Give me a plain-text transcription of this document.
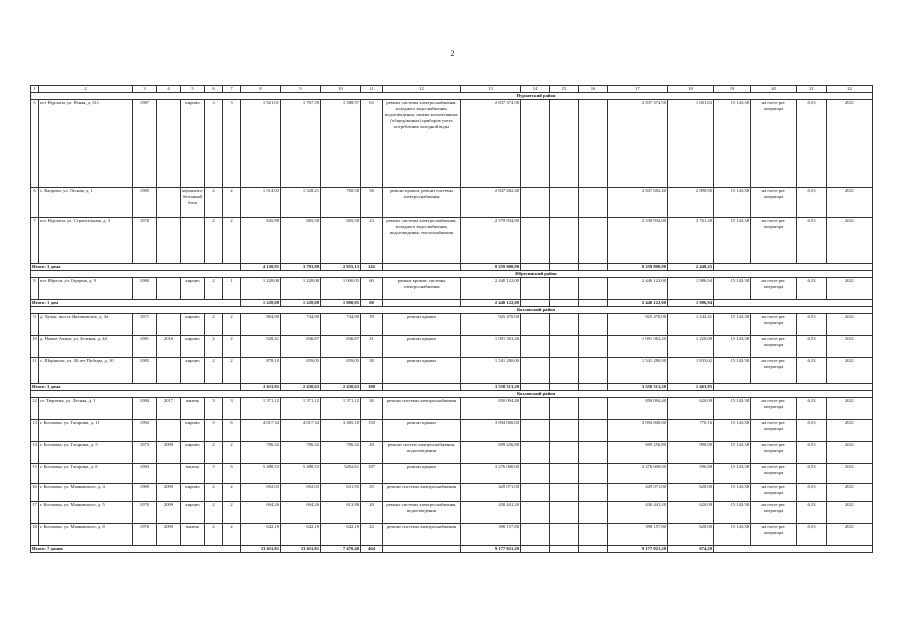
2
1	2	3	4	5	6	7	8	9	10	11	12	13	14	15	16	17	18	19	20	21	22
Нурлатский район																					
5	пгт Нурлаты, ул. Ясная, д. 311	1987		кирпич	3	3	1 921,01	1 767,39	1 588,97	63	ремонт системы электроснабжения, холодного водоснабжения, водоотведения, замена коллективных (общедомовых) приборов учета потребления холодной воды	2 837 374,50				2 837 374,50	1 601,63	15 143,38	на счете рег. оператора	6,53	2021
6	с. Капрово, ул. Лесная, д. 1	1985		керамзито-бетонный блок	2	2	1 514,02	1 328,21	760,58	56	ремонт кровли, ремонт системы электроснабжения	2 847 682,40				2 847 682,40	2 890,90	15 143,38	на счете рег. оператора	6,53	2021
7	пгт Нурлаты, ул. Строительная, д. 3	1970			2	2	645,88	685,58	605,58	23	ремонт системы электроснабжения, холодного водоснабжения, водоотведения, теплоснабжения	2 579 934,90				2 539 934,00	3 761,49	15 143,38	на счете рег. оператора	6,53	2021
Итого: 3 дома							4 120,91	3 781,88	2 955,13	142		8 259 000,90				8 259 000,90	2 448,25				
Ибресинский район																					
8	пгт Ибреси, ул. Герцена, д. 9	1980		кирпич	2	1	1 228,08	1 228,08	1 000,05	60	ремонт кровли, системы электроснабжения	2 440 122,00				2 440 122,00	1 986,94	15 143,38	на счете рег. оператора	6,53	2021
Итого: 1 дом							1 228,08	1 228,08	1 000,05	60		2 440 122,00				2 440 122,00	1 986,94				
Козловский район																					
9	д. Хучак, шоссе Янтиковское, д. 3а	1971		кирпич	2	2	804,90	744,90	744,90	39	ремонт крыши	925 470,00				925 470,00	1 242,41	15 143,38	на счете рег. оператора	6,53	2021
10	д. Новые Ачаки, ул. Зеленая, д. 44	1981	2016	кирпич	2	2	928,41	846,87	846,87	31	ремонт крыши	1 091 563,20				1 091 563,20	1 220,00	15 143,38	на счете рег. оператора	6,53	2021
11	с. Шоршелы, ул. 40 лет Победы, д. 10	1985		кирпич	2	2	878,10	839,05	839,05	38	ремонт крыши	1 541 280,00				1 541 280,00	1 833,62	15 143,38	на счете рег. оператора	6,53	2021
Итого: 3 дома							2 611,05	2 430,63	2 430,63	108		3 558 313,20				3 558 313,20	1 463,95				
Козловский район																					
12	ст. Тюрлема, ул. Лесная, д. 1	1984	2017	панель	3	3	1 371,12	1 371,12	1 371,12	30	ремонт системы электроснабжения	850 094,40				850 094,40	620,00	15 143,38	на счете рег. оператора	6,53	2021
13	г. Козловка, ул. Гагарина, д. 11	1992		кирпич	5	6	4 017,34	4 017,34	3 485,18	150	ремонт крыши	3 094 000,00				3 094 000,00	770,16	15 143,38	на счете рег. оператора	6,53	2021
14	г. Козловка, ул. Гагарина, д. 5	1973	2009	кирпич	2	2	706,32	706,32	706,32	20	ремонт систем электроснабжения, водоотведения	699 256,80				699 256,80	990,00	15 143,38	на счете рег. оператора	6,53	2021
15	г. Козловка, ул. Гагарина, д. 8	1983		панель	5	6	5 488,53	5 488,53	5282,61	187	ремонт крыши	3 276 000,00				3 276 000,00	596,88	15 143,38	на счете рег. оператора	6,53	2021
16	г. Козловка, ул. Маяковского, д. 4	1969	2009	кирпич	2	2	692,05	692,05	631,95	35	ремонт системы электроснабжения	429 071,00				429 071,00	620,00	15 143,38	на счете рег. оператора	6,53	2021
17	г. Козловка, ул. Маяковского, д. 5	1970	2009	кирпич	2	2	694,26	694,26	613,98	20	ремонт системы электроснабжения, водоотведения	430 441,20				430 441,20	620,00	15 143,38	на счете рег. оператора	6,53	2021
18	г. Козловка, ул. Маяковского, д. 8	1970	2009	панель	2	2	642,19	642,19	642,19	22	ремонт системы электроснабжения	398 157,80				398 157,80	620,00	15 143,38	на счете рег. оператора	6,53	2021
Итого: 7 домов							13 611,81	13 611,81	7 470,48	464		9 177 021,20				9 177 021,20	674,20				
